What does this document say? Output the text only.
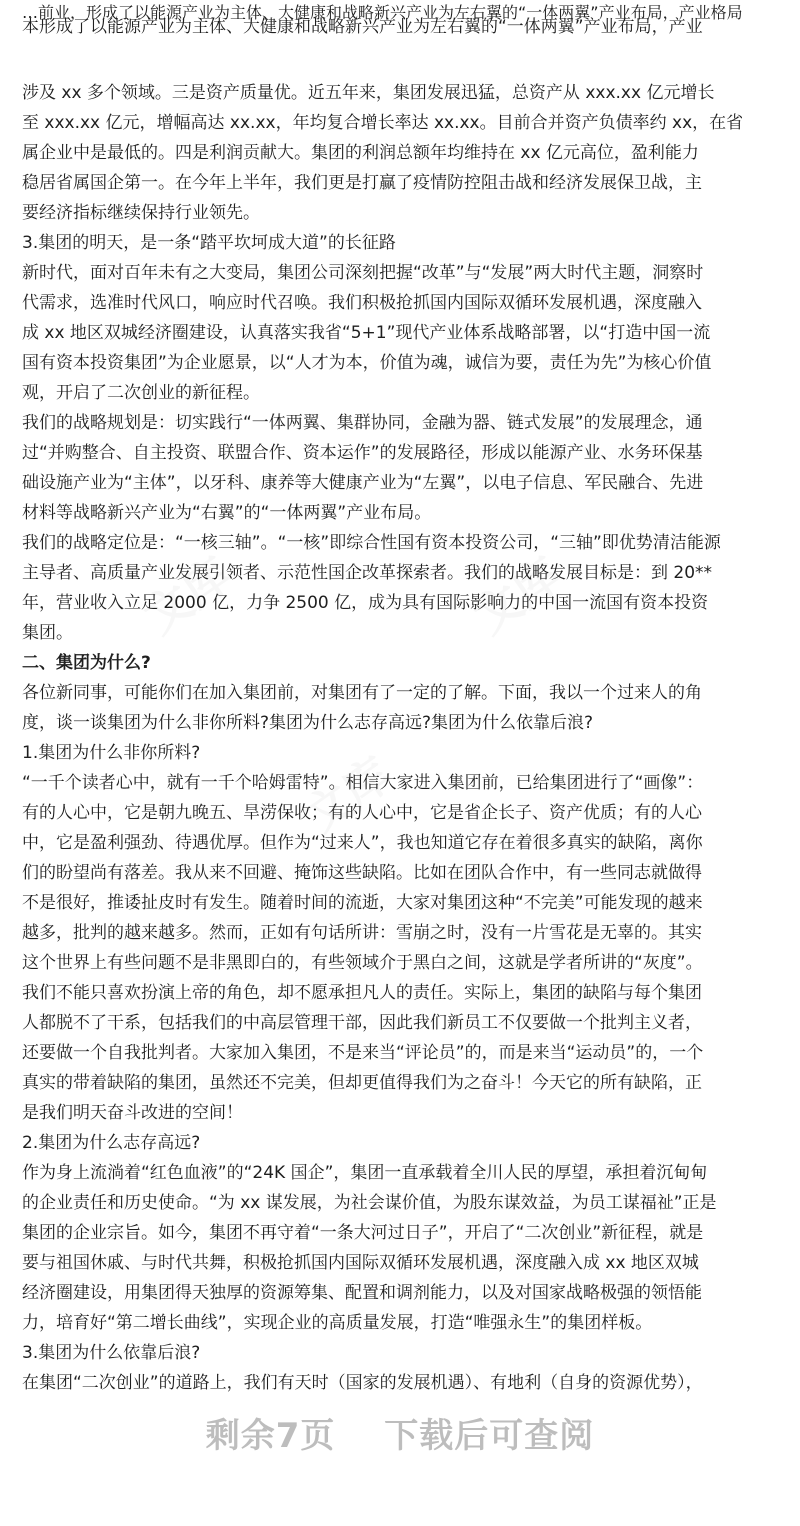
文库	文库
文库
…前业，形成了以能源产业为主体、大健康和战略新兴产业为左右翼的“一体两翼”产业布局，产业格局
本形成了以能源产业为主体、大健康和战略新兴产业为左右翼的“一体两翼”产业布局，产业
涉及 xx 多个领域。三是资产质量优。近五年来，集团发展迅猛，总资产从 xxx.xx 亿元增长
至 xxx.xx 亿元，增幅高达 xx.xx，年均复合增长率达 xx.xx。目前合并资产负债率约 xx，在省
属企业中是最低的。四是利润贡献大。集团的利润总额年均维持在 xx 亿元高位，盈利能力
稳居省属国企第一。在今年上半年，我们更是打赢了疫情防控阻击战和经济发展保卫战，主
要经济指标继续保持行业领先。
3.集团的明天，是一条“踏平坎坷成大道”的长征路
新时代，面对百年未有之大变局，集团公司深刻把握“改革”与“发展”两大时代主题，洞察时
代需求，选准时代风口，响应时代召唤。我们积极抢抓国内国际双循环发展机遇，深度融入
成 xx 地区双城经济圈建设，认真落实我省“5+1”现代产业体系战略部署，以“打造中国一流
国有资本投资集团”为企业愿景，以“人才为本，价值为魂，诚信为要，责任为先”为核心价值
观，开启了二次创业的新征程。
我们的战略规划是：切实践行“一体两翼、集群协同，金融为器、链式发展”的发展理念，通
过“并购整合、自主投资、联盟合作、资本运作”的发展路径，形成以能源产业、水务环保基
础设施产业为“主体”，以牙科、康养等大健康产业为“左翼”，以电子信息、军民融合、先进
材料等战略新兴产业为“右翼”的“一体两翼”产业布局。
我们的战略定位是：“一核三轴”。“一核”即综合性国有资本投资公司，“三轴”即优势清洁能源
主导者、高质量产业发展引领者、示范性国企改革探索者。我们的战略发展目标是：到 20**
年，营业收入立足 2000 亿，力争 2500 亿，成为具有国际影响力的中国一流国有资本投资
集团。
二、集团为什么?
各位新同事，可能你们在加入集团前，对集团有了一定的了解。下面，我以一个过来人的角
度，谈一谈集团为什么非你所料?集团为什么志存高远?集团为什么依靠后浪?
1.集团为什么非你所料?
“一千个读者心中，就有一千个哈姆雷特”。相信大家进入集团前，已给集团进行了“画像”：
有的人心中，它是朝九晚五、旱涝保收；有的人心中，它是省企长子、资产优质；有的人心
中，它是盈利强劲、待遇优厚。但作为“过来人”，我也知道它存在着很多真实的缺陷，离你
们的盼望尚有落差。我从来不回避、掩饰这些缺陷。比如在团队合作中，有一些同志就做得
不是很好，推诿扯皮时有发生。随着时间的流逝，大家对集团这种“不完美”可能发现的越来
越多，批判的越来越多。然而，正如有句话所讲：雪崩之时，没有一片雪花是无辜的。其实
这个世界上有些问题不是非黑即白的，有些领域介于黑白之间，这就是学者所讲的“灰度”。
我们不能只喜欢扮演上帝的角色，却不愿承担凡人的责任。实际上，集团的缺陷与每个集团
人都脱不了干系，包括我们的中高层管理干部，因此我们新员工不仅要做一个批判主义者，
还要做一个自我批判者。大家加入集团，不是来当“评论员”的，而是来当“运动员”的，一个
真实的带着缺陷的集团，虽然还不完美，但却更值得我们为之奋斗！今天它的所有缺陷，正
是我们明天奋斗改进的空间！
2.集团为什么志存高远?
作为身上流淌着“红色血液”的“24K 国企”，集团一直承载着全川人民的厚望，承担着沉甸甸
的企业责任和历史使命。“为 xx 谋发展，为社会谋价值，为股东谋效益，为员工谋福祉”正是
集团的企业宗旨。如今，集团不再守着“一条大河过日子”，开启了“二次创业”新征程，就是
要与祖国休戚、与时代共舞，积极抢抓国内国际双循环发展机遇，深度融入成 xx 地区双城
经济圈建设，用集团得天独厚的资源筹集、配置和调剂能力，以及对国家战略极强的领悟能
力，培育好“第二增长曲线”，实现企业的高质量发展，打造“唯强永生”的集团样板。
3.集团为什么依靠后浪?
在集团“二次创业”的道路上，我们有天时（国家的发展机遇）、有地利（自身的资源优势），
剩余7页 下载后可查阅
